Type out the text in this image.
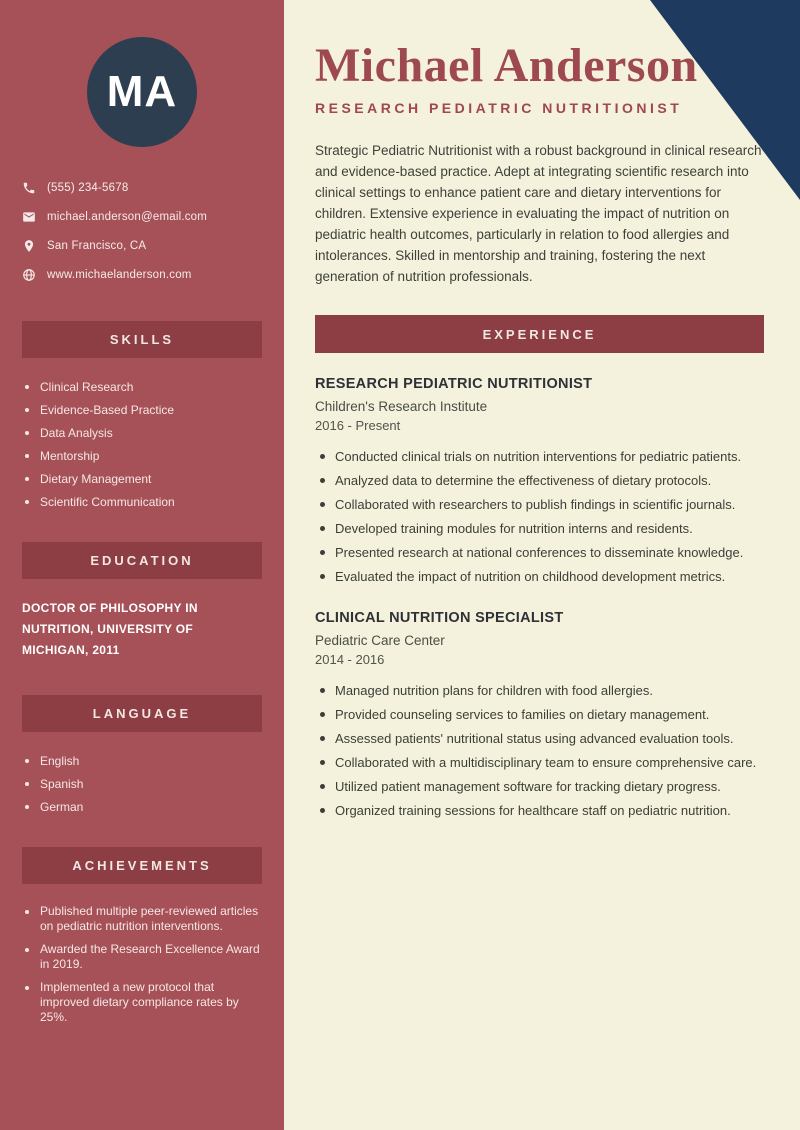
MA
(555) 234-5678
michael.anderson@email.com
San Francisco, CA
www.michaelanderson.com
SKILLS
Clinical Research
Evidence-Based Practice
Data Analysis
Mentorship
Dietary Management
Scientific Communication
EDUCATION
DOCTOR OF PHILOSOPHY IN NUTRITION, UNIVERSITY OF MICHIGAN, 2011
LANGUAGE
English
Spanish
German
ACHIEVEMENTS
Published multiple peer-reviewed articles on pediatric nutrition interventions.
Awarded the Research Excellence Award in 2019.
Implemented a new protocol that improved dietary compliance rates by 25%.
Michael Anderson
RESEARCH PEDIATRIC NUTRITIONIST

Strategic Pediatric Nutritionist with a robust background in clinical research and evidence-based practice. Adept at integrating scientific research into clinical settings to enhance patient care and dietary interventions for children. Extensive experience in evaluating the impact of nutrition on pediatric health outcomes, particularly in relation to food allergies and intolerances. Skilled in mentorship and training, fostering the next generation of nutrition professionals.

EXPERIENCE
RESEARCH PEDIATRIC NUTRITIONIST
Children's Research Institute
2016 - Present
Conducted clinical trials on nutrition interventions for pediatric patients.
Analyzed data to determine the effectiveness of dietary protocols.
Collaborated with researchers to publish findings in scientific journals.
Developed training modules for nutrition interns and residents.
Presented research at national conferences to disseminate knowledge.
Evaluated the impact of nutrition on childhood development metrics.
CLINICAL NUTRITION SPECIALIST
Pediatric Care Center
2014 - 2016
Managed nutrition plans for children with food allergies.
Provided counseling services to families on dietary management.
Assessed patients' nutritional status using advanced evaluation tools.
Collaborated with a multidisciplinary team to ensure comprehensive care.
Utilized patient management software for tracking dietary progress.
Organized training sessions for healthcare staff on pediatric nutrition.
